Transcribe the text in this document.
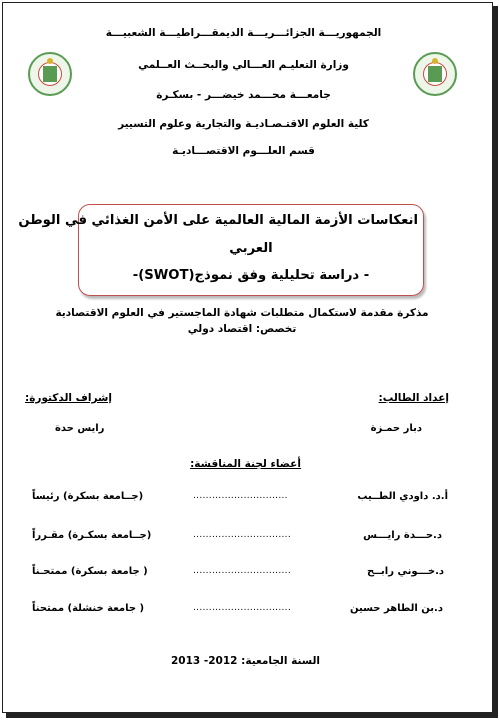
الجمهوريـــة الجزائـــريـــة الديمقـــراطيـــة الشعبيـــة
وزارة التعليـم العـــالي والبحــث العــلمي
جامعـــة محـــمد خيضـــر - بسكـرة
كلية العلوم الاقتـصـاديـة والتجارية وعلوم التسيير
قسم العلـــوم الاقتصـــاديـة
انعكاسات الأزمة المالية العالمية على الأمن الغذائي في الوطن
العربي
- دراسة تحليلية وفق نموذج(SWOT)-
مذكرة مقدمة لاستكمال متطلبات شهادة الماجستير في العلوم الاقتصادية
تخصص: اقتصاد دولي
إعداد الطالب:
دبار حمـزة
إشراف الدكتورة:
رايس حدة
أعضاء لجنة المناقشة:
أ.د. داودي الطــيب
..............................
(جــامعة بسكرة) رئيساً
د.حـــدة رايـــس
...............................
(جــامعة بسكـرة) مقـرراً
د.خـــوني رابــح
...............................
( جامعة بسكرة) ممتحـناً
د.بن الطاهر حسين
...............................
( جامعة خنشلة) ممتحناً
السنة الجامعية: 2012- 2013
